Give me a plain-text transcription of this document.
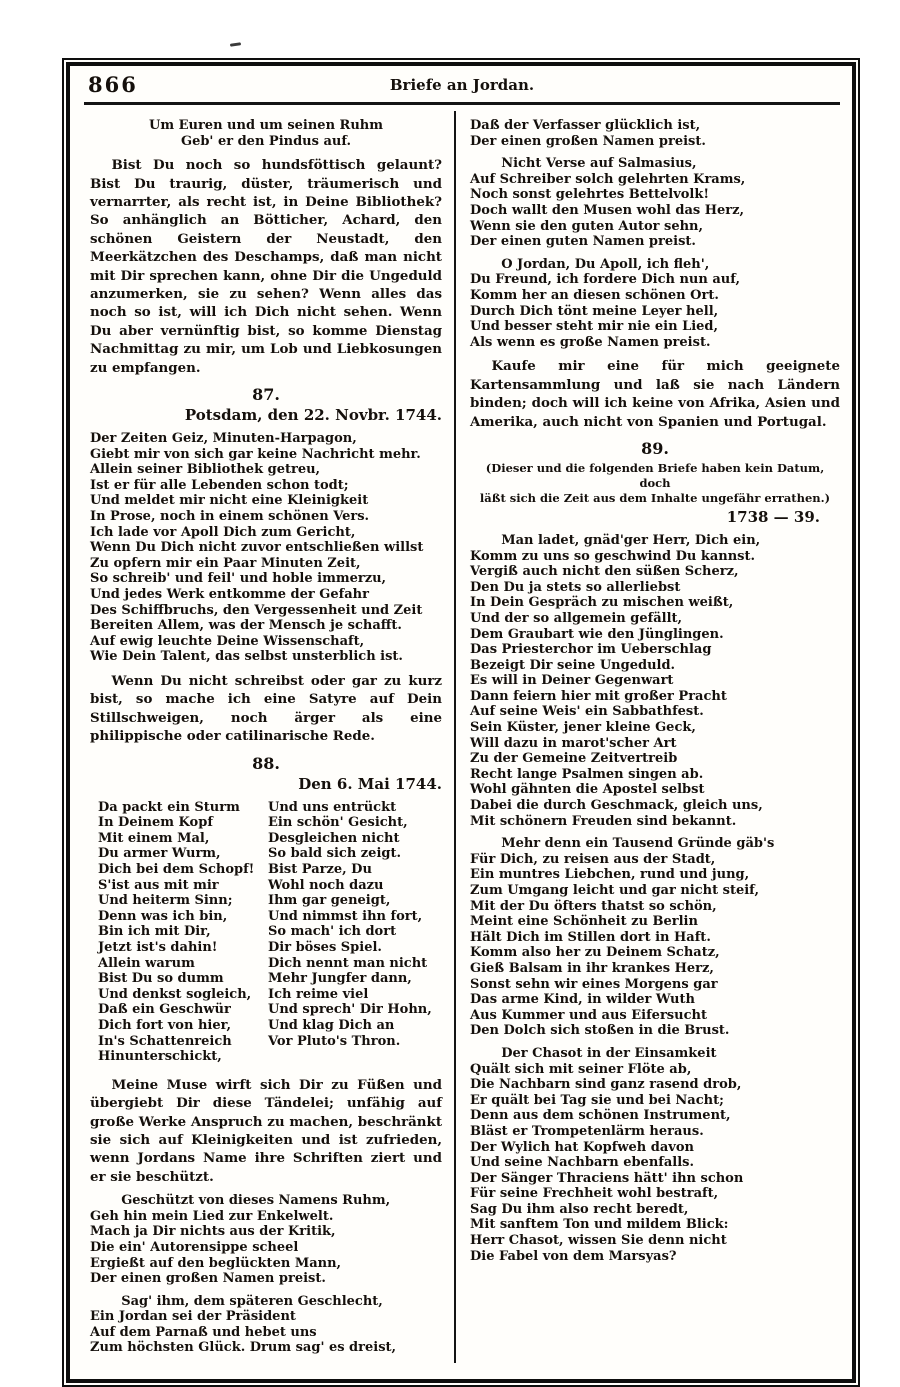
866	Briefe an Jordan.
Um Euren und um seinen Ruhm
Geb' er den Pindus auf.

Bist Du noch so hundsföttisch gelaunt? Bist Du traurig, düster, träumerisch und vernarrter, als recht ist, in Deine Bibliothek? So anhänglich an Bötticher, Achard, den schönen Geistern der Neustadt, den Meerkätzchen des Deschamps, daß man nicht mit Dir sprechen kann, ohne Dir die Ungeduld anzumerken, sie zu sehen? Wenn alles das noch so ist, will ich Dich nicht sehen. Wenn Du aber vernünftig bist, so komme Dienstag Nachmittag zu mir, um Lob und Liebkosungen zu empfangen.

87.
Potsdam, den 22. Novbr. 1744.
Der Zeiten Geiz, Minuten-Harpagon,
Giebt mir von sich gar keine Nachricht mehr.
Allein seiner Bibliothek getreu,
Ist er für alle Lebenden schon todt;
Und meldet mir nicht eine Kleinigkeit
In Prose, noch in einem schönen Vers.
Ich lade vor Apoll Dich zum Gericht,
Wenn Du Dich nicht zuvor entschließen willst
Zu opfern mir ein Paar Minuten Zeit,
So schreib' und feil' und hoble immerzu,
Und jedes Werk entkomme der Gefahr
Des Schiffbruchs, den Vergessenheit und Zeit
Bereiten Allem, was der Mensch je schafft.
Auf ewig leuchte Deine Wissenschaft,
Wie Dein Talent, das selbst unsterblich ist.

Wenn Du nicht schreibst oder gar zu kurz bist, so mache ich eine Satyre auf Dein Stillschweigen, noch ärger als eine philippische oder catilinarische Rede.

88.
Den 6. Mai 1744.
Da packt ein Sturm
In Deinem Kopf
Mit einem Mal,
Du armer Wurm,
Dich bei dem Schopf!
S'ist aus mit mir
Und heiterm Sinn;
Denn was ich bin,
Bin ich mit Dir,
Jetzt ist's dahin!
Allein warum
Bist Du so dumm
Und denkst sogleich,
Daß ein Geschwür
Dich fort von hier,
In's Schattenreich
Hinunterschickt,
Und uns entrückt
Ein schön' Gesicht,
Desgleichen nicht
So bald sich zeigt.
Bist Parze, Du
Wohl noch dazu
Ihm gar geneigt,
Und nimmst ihn fort,
So mach' ich dort
Dir böses Spiel.
Dich nennt man nicht
Mehr Jungfer dann,
Ich reime viel
Und sprech' Dir Hohn,
Und klag Dich an
Vor Pluto's Thron.

Meine Muse wirft sich Dir zu Füßen und übergiebt Dir diese Tändelei; unfähig auf große Werke Anspruch zu machen, beschränkt sie sich auf Kleinigkeiten und ist zufrieden, wenn Jordans Name ihre Schriften ziert und er sie beschützt.

Geschützt von dieses Namens Ruhm,
Geh hin mein Lied zur Enkelwelt.
Mach ja Dir nichts aus der Kritik,
Die ein' Autorensippe scheel
Ergießt auf den beglückten Mann,
Der einen großen Namen preist.
Sag' ihm, dem späteren Geschlecht,
Ein Jordan sei der Präsident
Auf dem Parnaß und hebet uns
Zum höchsten Glück. Drum sag' es dreist,
Daß der Verfasser glücklich ist,
Der einen großen Namen preist.
Nicht Verse auf Salmasius,
Auf Schreiber solch gelehrten Krams,
Noch sonst gelehrtes Bettelvolk!
Doch wallt den Musen wohl das Herz,
Wenn sie den guten Autor sehn,
Der einen guten Namen preist.
O Jordan, Du Apoll, ich fleh',
Du Freund, ich fordere Dich nun auf,
Komm her an diesen schönen Ort.
Durch Dich tönt meine Leyer hell,
Und besser steht mir nie ein Lied,
Als wenn es große Namen preist.

Kaufe mir eine für mich geeignete Kartensammlung und laß sie nach Ländern binden; doch will ich keine von Afrika, Asien und Amerika, auch nicht von Spanien und Portugal.

89.
(Dieser und die folgenden Briefe haben kein Datum, doch
läßt sich die Zeit aus dem Inhalte ungefähr errathen.)
1738 — 39.
Man ladet, gnäd'ger Herr, Dich ein,
Komm zu uns so geschwind Du kannst.
Vergiß auch nicht den süßen Scherz,
Den Du ja stets so allerliebst
In Dein Gespräch zu mischen weißt,
Und der so allgemein gefällt,
Dem Graubart wie den Jünglingen.
Das Priesterchor im Ueberschlag
Bezeigt Dir seine Ungeduld.
Es will in Deiner Gegenwart
Dann feiern hier mit großer Pracht
Auf seine Weis' ein Sabbathfest.
Sein Küster, jener kleine Geck,
Will dazu in marot'scher Art
Zu der Gemeine Zeitvertreib
Recht lange Psalmen singen ab.
Wohl gähnten die Apostel selbst
Dabei die durch Geschmack, gleich uns,
Mit schönern Freuden sind bekannt.
Mehr denn ein Tausend Gründe gäb's
Für Dich, zu reisen aus der Stadt,
Ein muntres Liebchen, rund und jung,
Zum Umgang leicht und gar nicht steif,
Mit der Du öfters thatst so schön,
Meint eine Schönheit zu Berlin
Hält Dich im Stillen dort in Haft.
Komm also her zu Deinem Schatz,
Gieß Balsam in ihr krankes Herz,
Sonst sehn wir eines Morgens gar
Das arme Kind, in wilder Wuth
Aus Kummer und aus Eifersucht
Den Dolch sich stoßen in die Brust.
Der Chasot in der Einsamkeit
Quält sich mit seiner Flöte ab,
Die Nachbarn sind ganz rasend drob,
Er quält bei Tag sie und bei Nacht;
Denn aus dem schönen Instrument,
Bläst er Trompetenlärm heraus.
Der Wylich hat Kopfweh davon
Und seine Nachbarn ebenfalls.
Der Sänger Thraciens hätt' ihn schon
Für seine Frechheit wohl bestraft,
Sag Du ihm also recht beredt,
Mit sanftem Ton und mildem Blick:
Herr Chasot, wissen Sie denn nicht
Die Fabel von dem Marsyas?
